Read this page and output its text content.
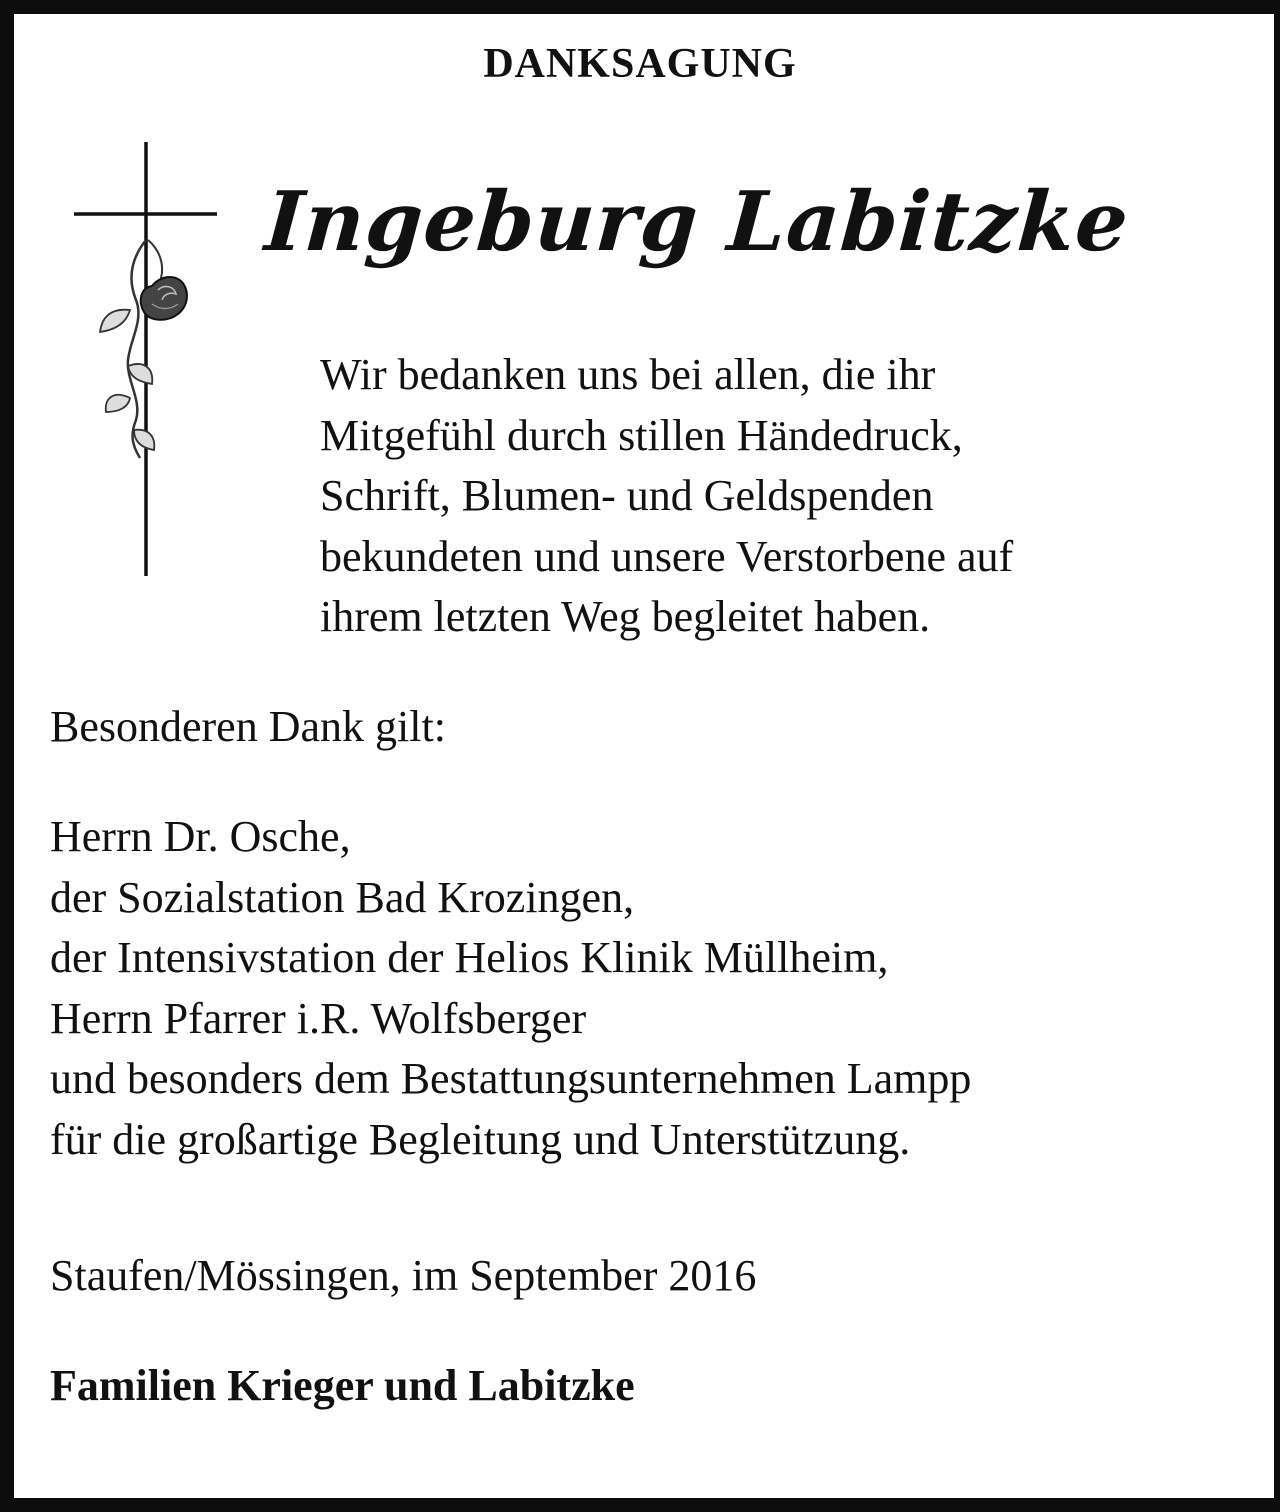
DANKSAGUNG
Ingeburg Labitzke
Wir bedanken uns bei allen, die ihr
Mitgefühl durch stillen Händedruck,
Schrift, Blumen- und Geldspenden
bekundeten und unsere Verstorbene auf
ihrem letzten Weg begleitet haben.
Besonderen Dank gilt:
Herrn Dr. Osche,
der Sozialstation Bad Krozingen,
der Intensivstation der Helios Klinik Müllheim,
Herrn Pfarrer i.R. Wolfsberger
und besonders dem Bestattungsunternehmen Lampp
für die großartige Begleitung und Unterstützung.
Staufen/Mössingen, im September 2016
Familien Krieger und Labitzke
